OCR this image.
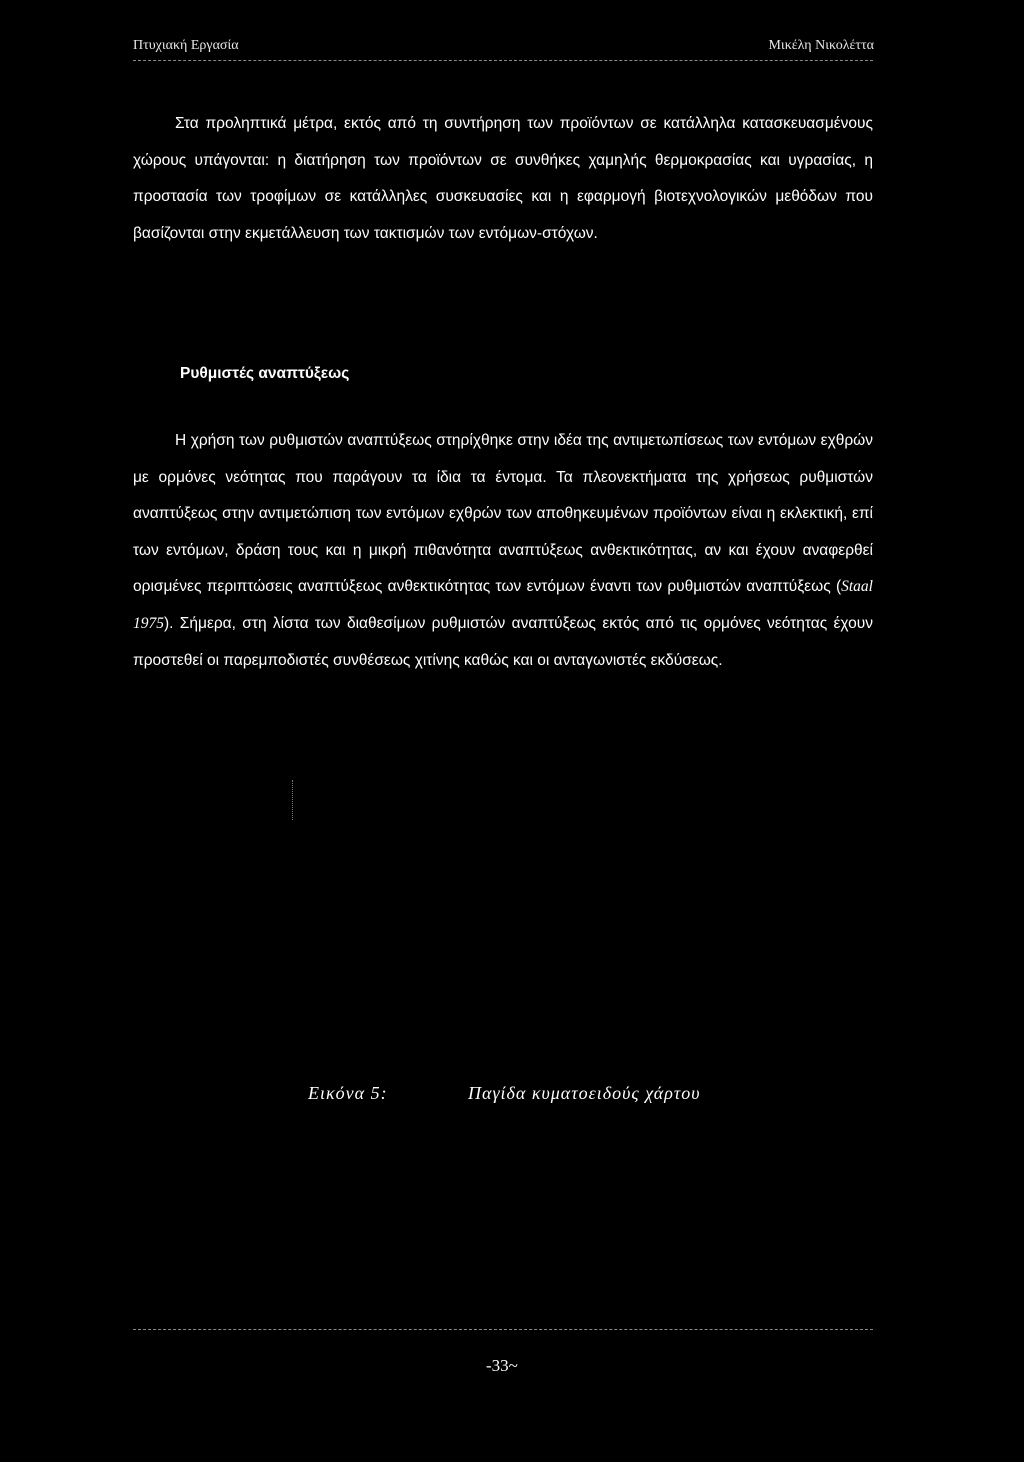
Πτυχιακή Εργασία	Μικέλη Νικολέττα

Στα προληπτικά μέτρα, εκτός από τη συντήρηση των προϊόντων σε κατάλληλα κατασκευασμένους χώρους υπάγονται: η διατήρηση των προϊόντων σε συνθήκες χαμηλής θερμοκρασίας και υγρασίας, η προστασία των τροφίμων σε κατάλληλες συσκευασίες και η εφαρμογή βιοτεχνολογικών μεθόδων που βασίζονται στην εκμετάλλευση των τακτισμών των εντόμων-στόχων.

Ρυθμιστές αναπτύξεως

Η χρήση των ρυθμιστών αναπτύξεως στηρίχθηκε στην ιδέα της αντιμετωπίσεως των εντόμων εχθρών με ορμόνες νεότητας που παράγουν τα ίδια τα έντομα. Τα πλεονεκτήματα της χρήσεως ρυθμιστών αναπτύξεως στην αντιμετώπιση των εντόμων εχθρών των αποθηκευμένων προϊόντων είναι η εκλεκτική, επί των εντόμων, δράση τους και η μικρή πιθανότητα αναπτύξεως ανθεκτικότητας, αν και έχουν αναφερθεί ορισμένες περιπτώσεις αναπτύξεως ανθεκτικότητας των εντόμων έναντι των ρυθμιστών αναπτύξεως (Staal 1975). Σήμερα, στη λίστα των διαθεσίμων ρυθμιστών αναπτύξεως εκτός από τις ορμόνες νεότητας έχουν προστεθεί οι παρεμποδιστές συνθέσεως χιτίνης καθώς και οι ανταγωνιστές εκδύσεως.

Εικόνα 5:	Παγίδα κυματοειδούς χάρτου
-33~
